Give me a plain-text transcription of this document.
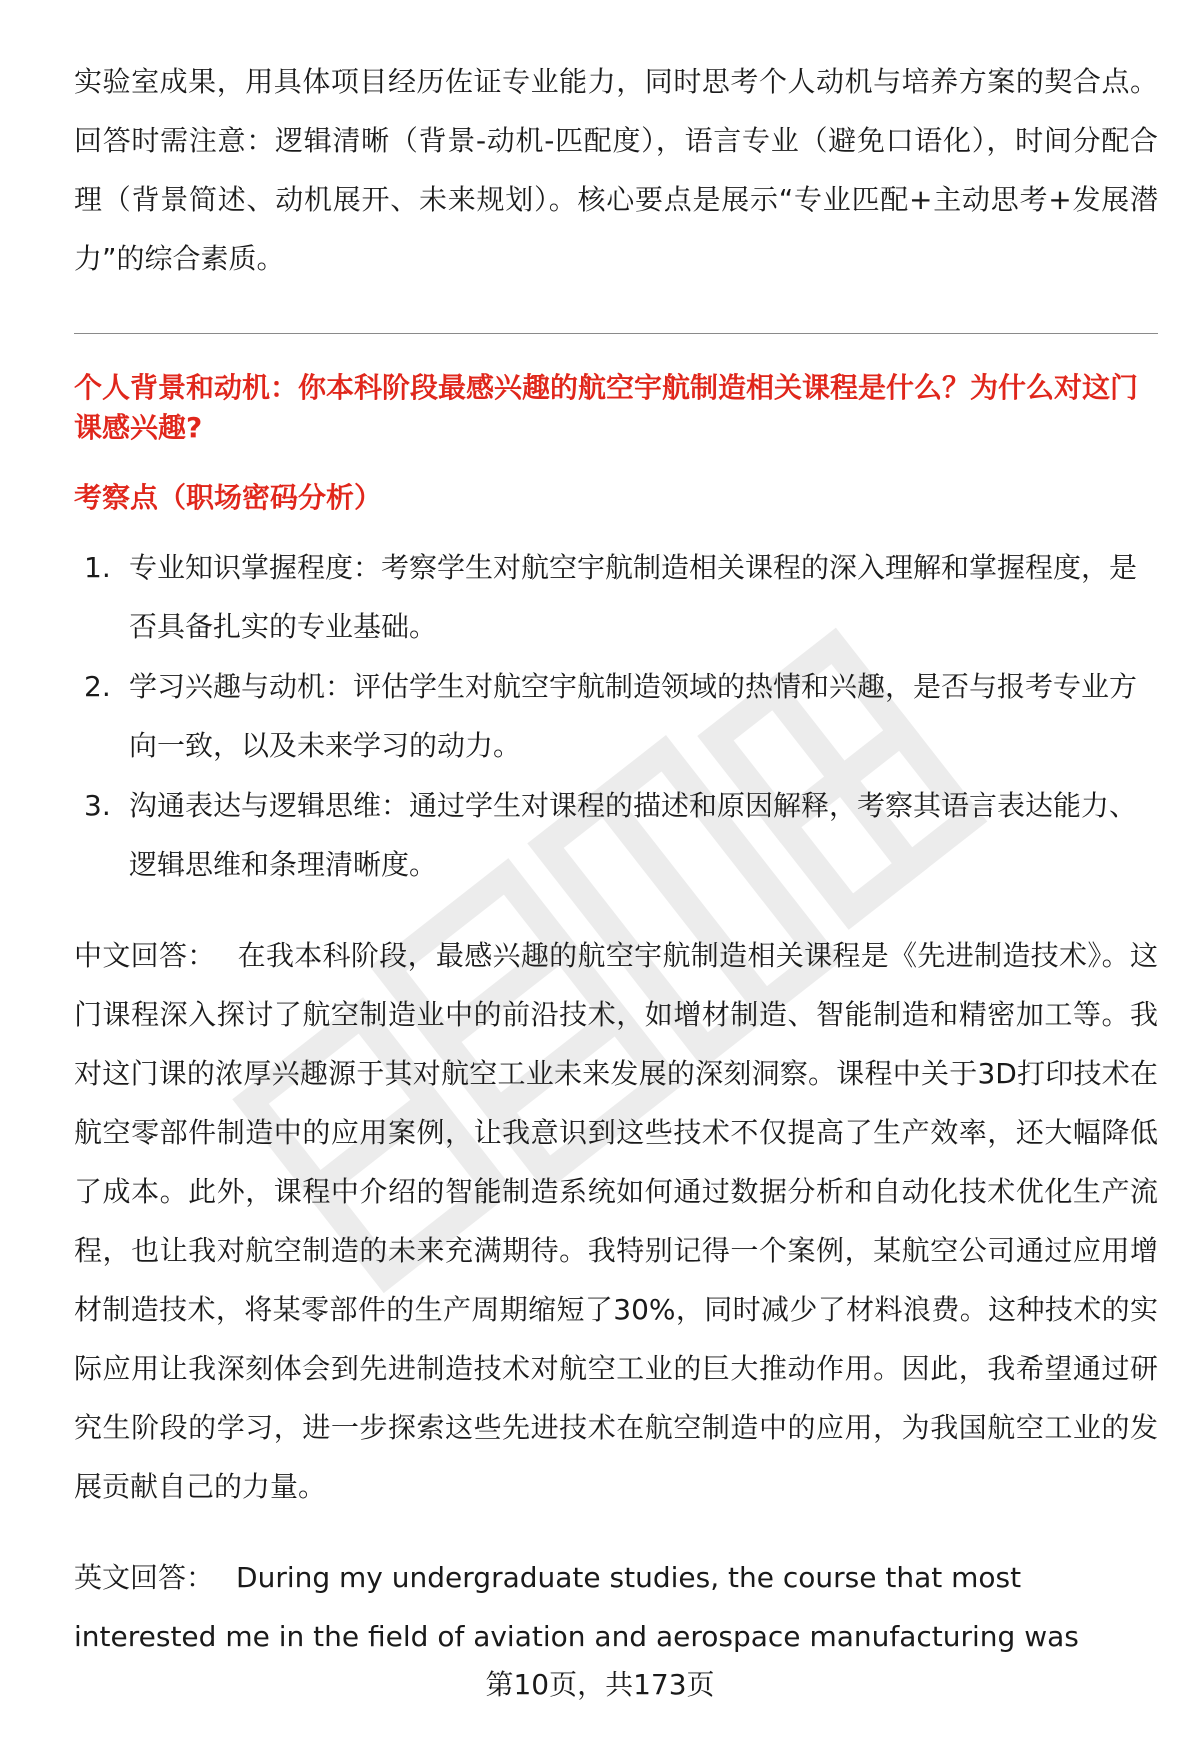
实验室成果，用具体项目经历佐证专业能力，同时思考个人动机与培养方案的契合点。回答时需注意：逻辑清晰（背景-动机-匹配度），语言专业（避免口语化），时间分配合理（背景简述、动机展开、未来规划）。核心要点是展示“专业匹配+主动思考+发展潜力”的综合素质。

个人背景和动机：你本科阶段最感兴趣的航空宇航制造相关课程是什么？为什么对这门课感兴趣?

考察点（职场密码分析）

1. 专业知识掌握程度：考察学生对航空宇航制造相关课程的深入理解和掌握程度，是否具备扎实的专业基础。
2. 学习兴趣与动机：评估学生对航空宇航制造领域的热情和兴趣，是否与报考专业方向一致，以及未来学习的动力。
3. 沟通表达与逻辑思维：通过学生对课程的描述和原因解释，考察其语言表达能力、逻辑思维和条理清晰度。

中文回答： 在我本科阶段，最感兴趣的航空宇航制造相关课程是《先进制造技术》。这门课程深入探讨了航空制造业中的前沿技术，如增材制造、智能制造和精密加工等。我对这门课的浓厚兴趣源于其对航空工业未来发展的深刻洞察。课程中关于3D打印技术在航空零部件制造中的应用案例，让我意识到这些技术不仅提高了生产效率，还大幅降低了成本。此外，课程中介绍的智能制造系统如何通过数据分析和自动化技术优化生产流程，也让我对航空制造的未来充满期待。我特别记得一个案例，某航空公司通过应用增材制造技术，将某零部件的生产周期缩短了30%，同时减少了材料浪费。这种技术的实际应用让我深刻体会到先进制造技术对航空工业的巨大推动作用。因此，我希望通过研究生阶段的学习，进一步探索这些先进技术在航空制造中的应用，为我国航空工业的发展贡献自己的力量。

英文回答： During my undergraduate studies, the course that most interested me in the field of aviation and aerospace manufacturing was

第10页，共173页
